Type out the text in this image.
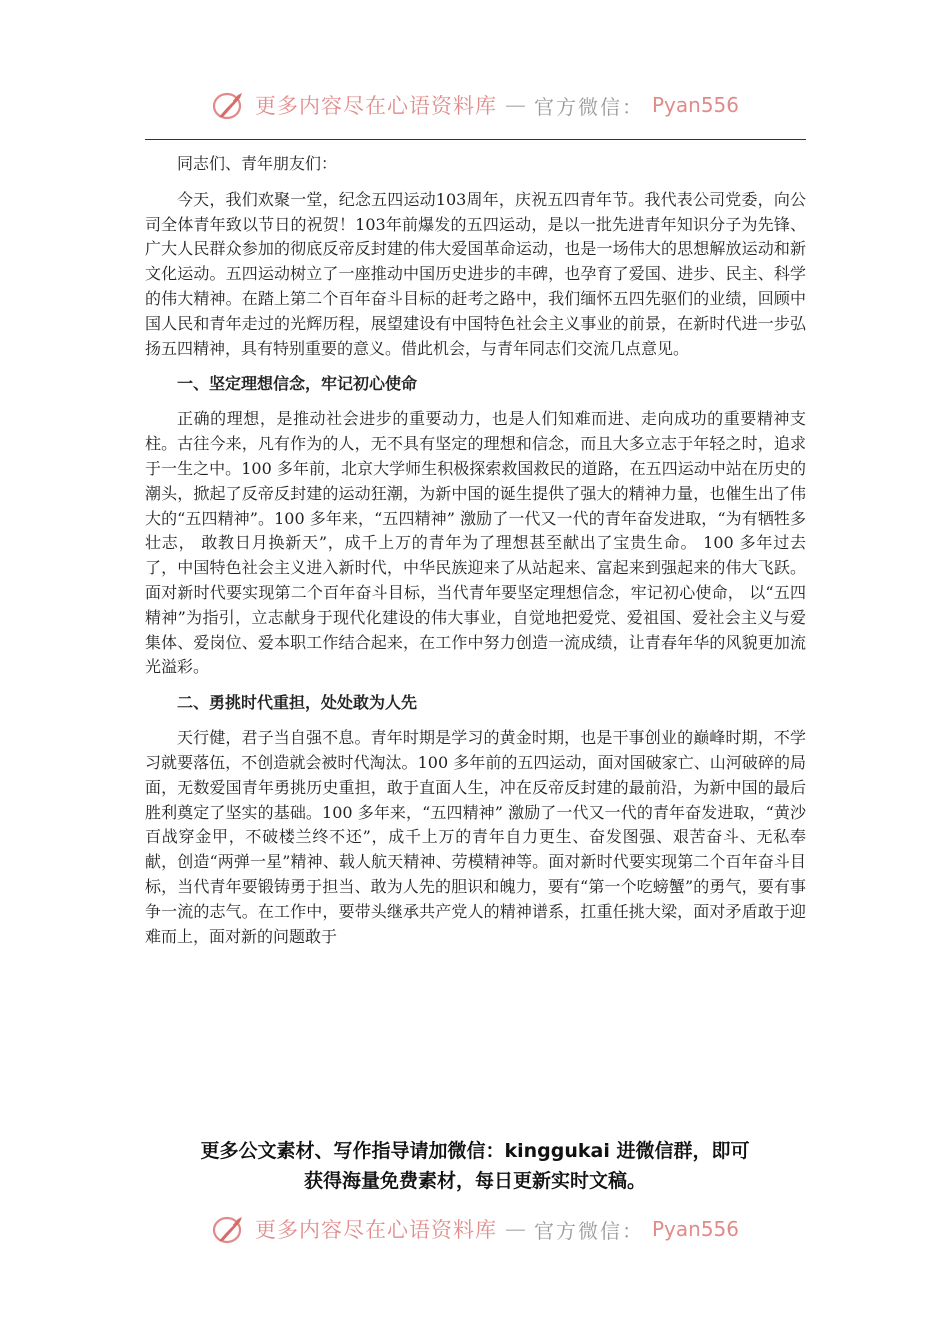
更多内容尽在心语资料库 — 官方微信： Pyan556

同志们、青年朋友们：

今天，我们欢聚一堂，纪念五四运动103周年，庆祝五四青年节。我代表公司党委，向公司全体青年致以节日的祝贺！103年前爆发的五四运动，是以一批先进青年知识分子为先锋、广大人民群众参加的彻底反帝反封建的伟大爱国革命运动，也是一场伟大的思想解放运动和新文化运动。五四运动树立了一座推动中国历史进步的丰碑，也孕育了爱国、进步、民主、科学的伟大精神。在踏上第二个百年奋斗目标的赶考之路中，我们缅怀五四先驱们的业绩，回顾中国人民和青年走过的光辉历程，展望建设有中国特色社会主义事业的前景，在新时代进一步弘扬五四精神，具有特别重要的意义。借此机会，与青年同志们交流几点意见。

一、坚定理想信念，牢记初心使命

正确的理想，是推动社会进步的重要动力，也是人们知难而进、走向成功的重要精神支柱。古往今来，凡有作为的人，无不具有坚定的理想和信念，而且大多立志于年轻之时，追求于一生之中。100 多年前，北京大学师生积极探索救国救民的道路，在五四运动中站在历史的潮头，掀起了反帝反封建的运动狂潮，为新中国的诞生提供了强大的精神力量，也催生出了伟大的“五四精神”。100 多年来，“五四精神” 激励了一代又一代的青年奋发进取，“为有牺牲多壮志， 敢教日月换新天”，成千上万的青年为了理想甚至献出了宝贵生命。 100 多年过去了，中国特色社会主义进入新时代，中华民族迎来了从站起来、富起来到强起来的伟大飞跃。面对新时代要实现第二个百年奋斗目标，当代青年要坚定理想信念，牢记初心使命， 以“五四精神”为指引，立志献身于现代化建设的伟大事业，自觉地把爱党、爱祖国、爱社会主义与爱集体、爱岗位、爱本职工作结合起来，在工作中努力创造一流成绩，让青春年华的风貌更加流光溢彩。

二、勇挑时代重担，处处敢为人先

天行健，君子当自强不息。青年时期是学习的黄金时期，也是干事创业的巅峰时期，不学习就要落伍，不创造就会被时代淘汰。100 多年前的五四运动，面对国破家亡、山河破碎的局面，无数爱国青年勇挑历史重担，敢于直面人生，冲在反帝反封建的最前沿，为新中国的最后胜利奠定了坚实的基础。100 多年来，“五四精神” 激励了一代又一代的青年奋发进取，“黄沙百战穿金甲，不破楼兰终不还”，成千上万的青年自力更生、奋发图强、艰苦奋斗、无私奉献，创造“两弹一星”精神、载人航天精神、劳模精神等。面对新时代要实现第二个百年奋斗目标，当代青年要锻铸勇于担当、敢为人先的胆识和魄力，要有“第一个吃螃蟹”的勇气，要有事争一流的志气。在工作中，要带头继承共产党人的精神谱系，扛重任挑大梁，面对矛盾敢于迎难而上，面对新的问题敢于

更多公文素材、写作指导请加微信：kinggukai 进微信群，即可
获得海量免费素材，每日更新实时文稿。
更多内容尽在心语资料库 — 官方微信： Pyan556
